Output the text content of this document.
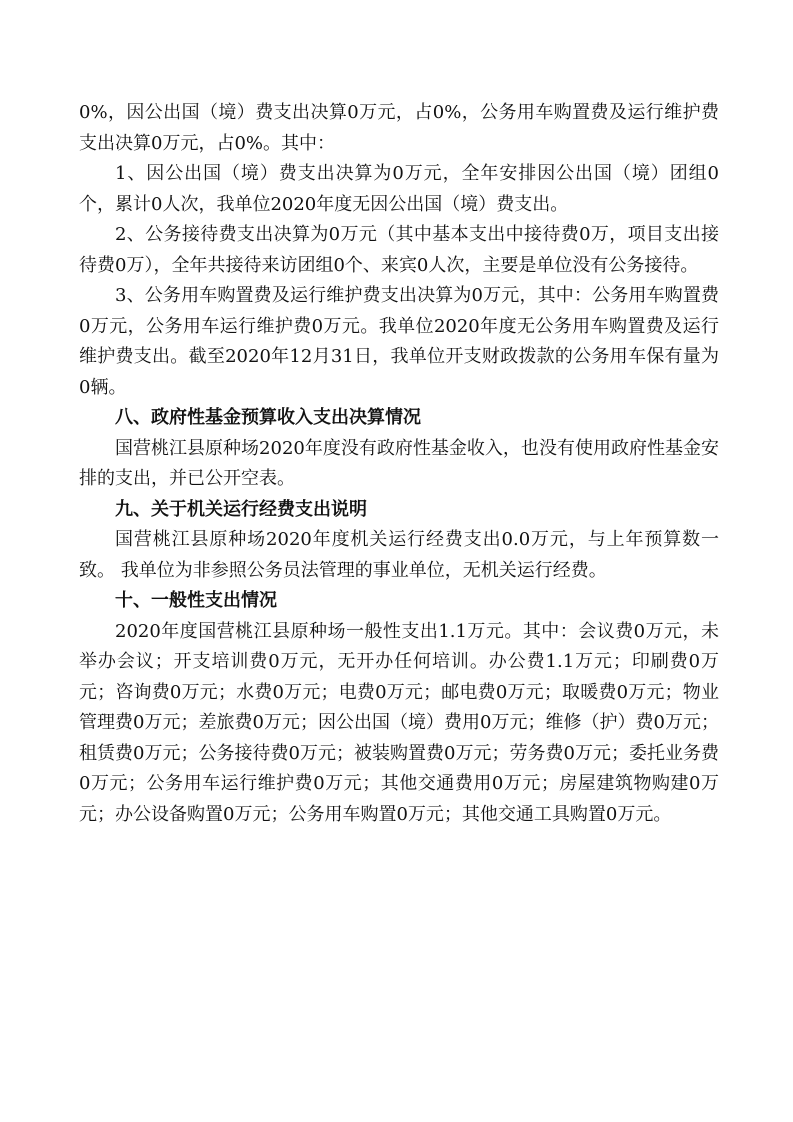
0%，因公出国（境）费支出决算0万元，占0%，公务用车购置费及运行维护费支出决算0万元，占0%。其中：

1、因公出国（境）费支出决算为0万元，全年安排因公出国（境）团组0个，累计0人次，我单位2020年度无因公出国（境）费支出。

2、公务接待费支出决算为0万元（其中基本支出中接待费0万，项目支出接待费0万），全年共接待来访团组0个、来宾0人次，主要是单位没有公务接待。

3、公务用车购置费及运行维护费支出决算为0万元，其中：公务用车购置费0万元，公务用车运行维护费0万元。我单位2020年度无公务用车购置费及运行维护费支出。截至2020年12月31日，我单位开支财政拨款的公务用车保有量为0辆。

八、政府性基金预算收入支出决算情况

国营桃江县原种场2020年度没有政府性基金收入，也没有使用政府性基金安排的支出，并已公开空表。

九、关于机关运行经费支出说明

国营桃江县原种场2020年度机关运行经费支出0.0万元，与上年预算数一致。 我单位为非参照公务员法管理的事业单位，无机关运行经费。

十、一般性支出情况

2020年度国营桃江县原种场一般性支出1.1万元。其中：会议费0万元，未举办会议；开支培训费0万元，无开办任何培训。办公费1.1万元；印刷费0万元；咨询费0万元；水费0万元；电费0万元；邮电费0万元；取暖费0万元；物业管理费0万元；差旅费0万元；因公出国（境）费用0万元；维修（护）费0万元；租赁费0万元；公务接待费0万元；被装购置费0万元；劳务费0万元；委托业务费0万元；公务用车运行维护费0万元；其他交通费用0万元；房屋建筑物购建0万元；办公设备购置0万元；公务用车购置0万元；其他交通工具购置0万元。
